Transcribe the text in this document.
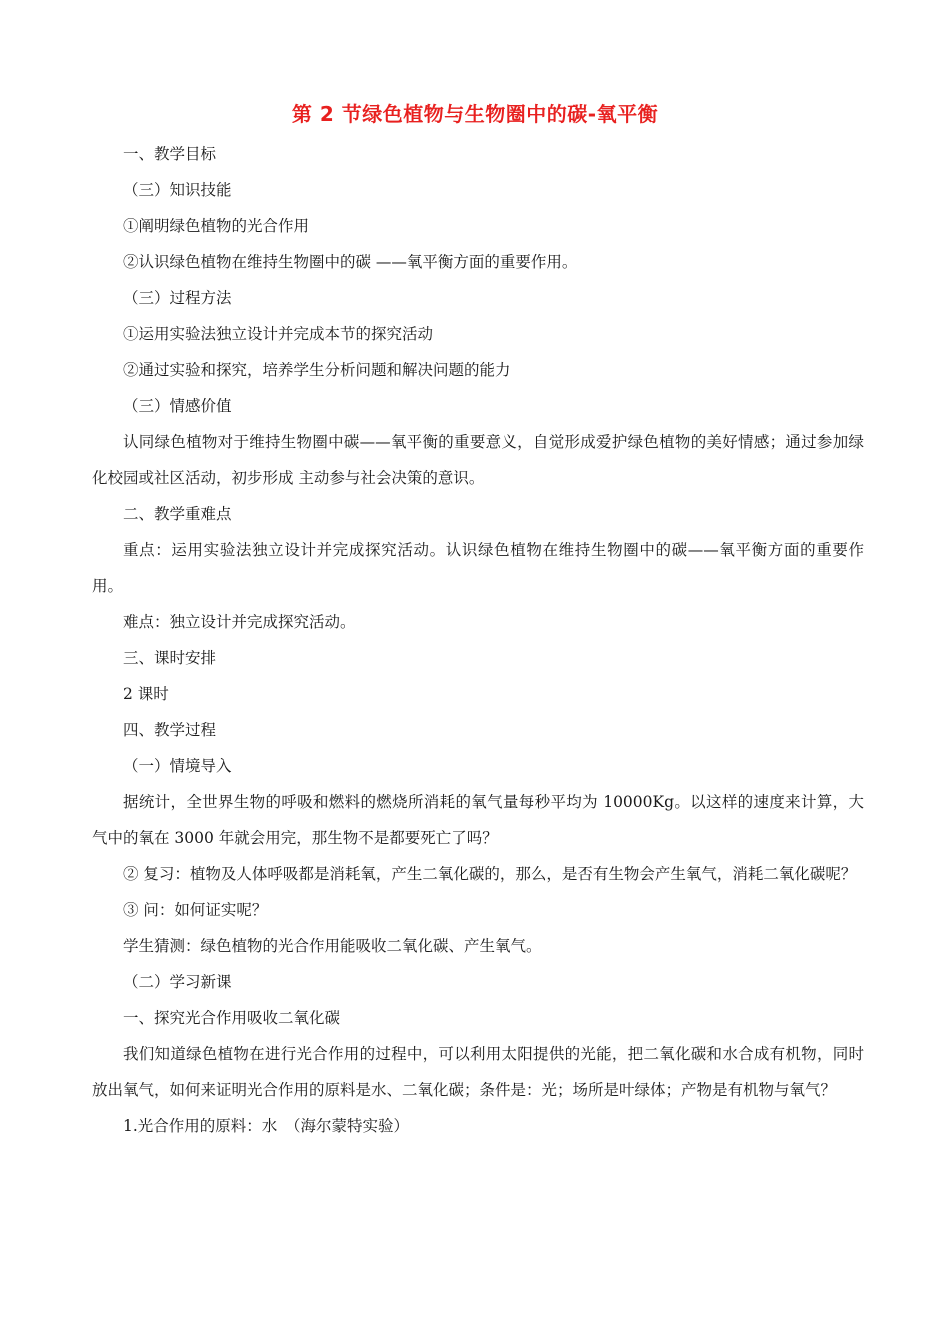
第 2 节绿色植物与生物圈中的碳-氧平衡

一、教学目标

（三）知识技能

①阐明绿色植物的光合作用

②认识绿色植物在维持生物圈中的碳 ——氧平衡方面的重要作用。

（三）过程方法

①运用实验法独立设计并完成本节的探究活动

②通过实验和探究，培养学生分析问题和解决问题的能力

（三）情感价值

认同绿色植物对于维持生物圈中碳——氧平衡的重要意义，自觉形成爱护绿色植物的美好情感；通过参加绿化校园或社区活动，初步形成 主动参与社会决策的意识。

二、教学重难点

重点：运用实验法独立设计并完成探究活动。认识绿色植物在维持生物圈中的碳——氧平衡方面的重要作用。

难点：独立设计并完成探究活动。

三、课时安排

2 课时

四、教学过程

（一）情境导入

据统计，全世界生物的呼吸和燃料的燃烧所消耗的氧气量每秒平均为 10000Kg。以这样的速度来计算，大气中的氧在 3000 年就会用完，那生物不是都要死亡了吗？

② 复习：植物及人体呼吸都是消耗氧，产生二氧化碳的，那么，是否有生物会产生氧气，消耗二氧化碳呢？

③ 问：如何证实呢？

学生猜测：绿色植物的光合作用能吸收二氧化碳、产生氧气。

（二）学习新课

一、探究光合作用吸收二氧化碳

我们知道绿色植物在进行光合作用的过程中，可以利用太阳提供的光能，把二氧化碳和水合成有机物，同时放出氧气，如何来证明光合作用的原料是水、二氧化碳；条件是：光；场所是叶绿体；产物是有机物与氧气？

1.光合作用的原料：水　（海尔蒙特实验）
